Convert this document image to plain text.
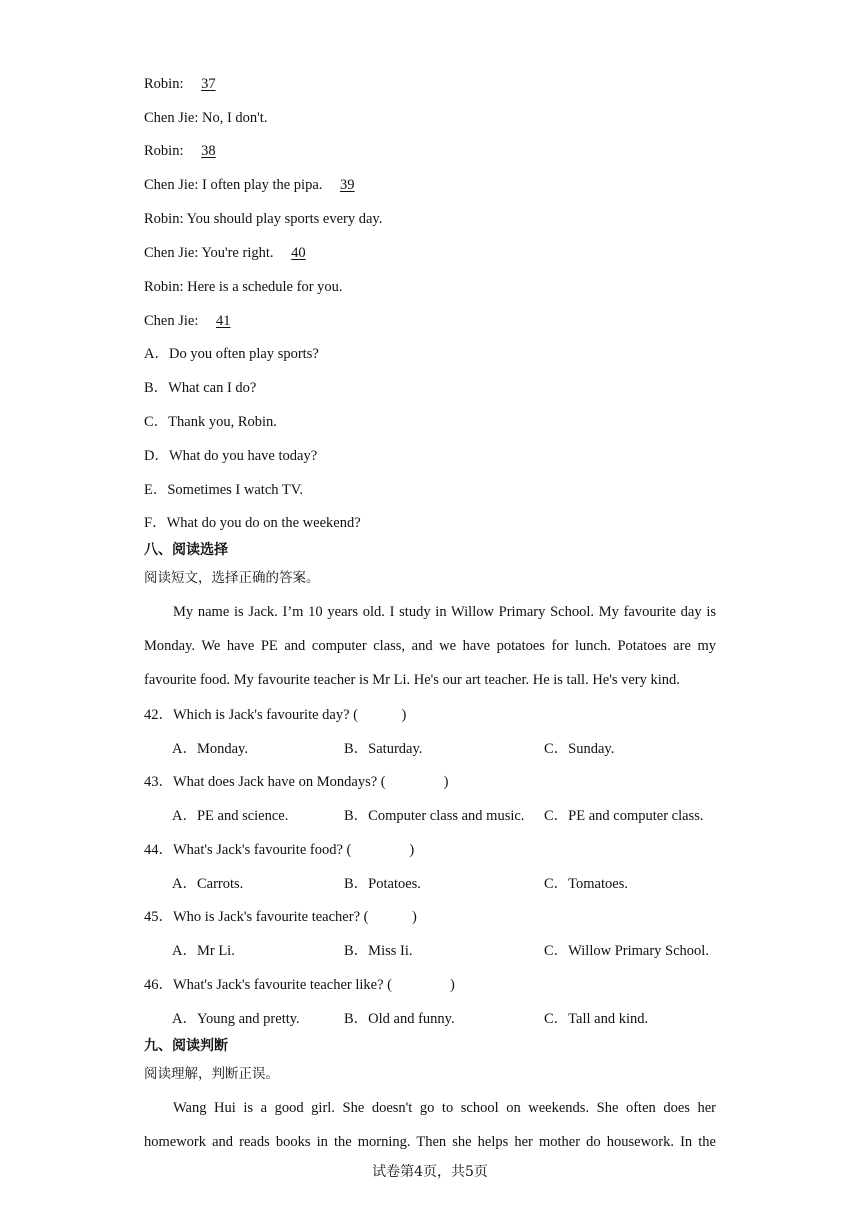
Robin: 37
Chen Jie: No, I don't.
Robin: 38
Chen Jie: I often play the pipa. 39
Robin: You should play sports every day.
Chen Jie: You're right. 40
Robin: Here is a schedule for you.
Chen Jie: 41
A．Do you often play sports?
B．What can I do?
C．Thank you, Robin.
D．What do you have today?
E．Sometimes I watch TV.
F．What do you do on the weekend?
八、阅读选择
阅读短文，选择正确的答案。
My name is Jack. I’m 10 years old. I study in Willow Primary School. My favourite day is Monday. We have PE and computer class, and we have potatoes for lunch. Potatoes are my favourite food. My favourite teacher is Mr Li. He's our art teacher. He is tall. He's very kind.
42．Which is Jack's favourite day? (　　　)
A．Monday.	B．Saturday.	C．Sunday.
43．What does Jack have on Mondays? (　　　　)
A．PE and science.	B．Computer class and music. C．PE and computer class.
44．What's Jack's favourite food? (　　　　)
A．Carrots.	B．Potatoes.	C．Tomatoes.
45．Who is Jack's favourite teacher? (　　　)
A．Mr Li.	B．Miss Ii.	C．Willow Primary School.
46．What's Jack's favourite teacher like? (　　　　)
A．Young and pretty.	B．Old and funny.	C．Tall and kind.
九、阅读判断
阅读理解，判断正误。
Wang Hui is a good girl. She doesn't go to school on weekends. She often does her
homework and reads books in the morning. Then she helps her mother do housework. In the
试卷第4页，共5页
